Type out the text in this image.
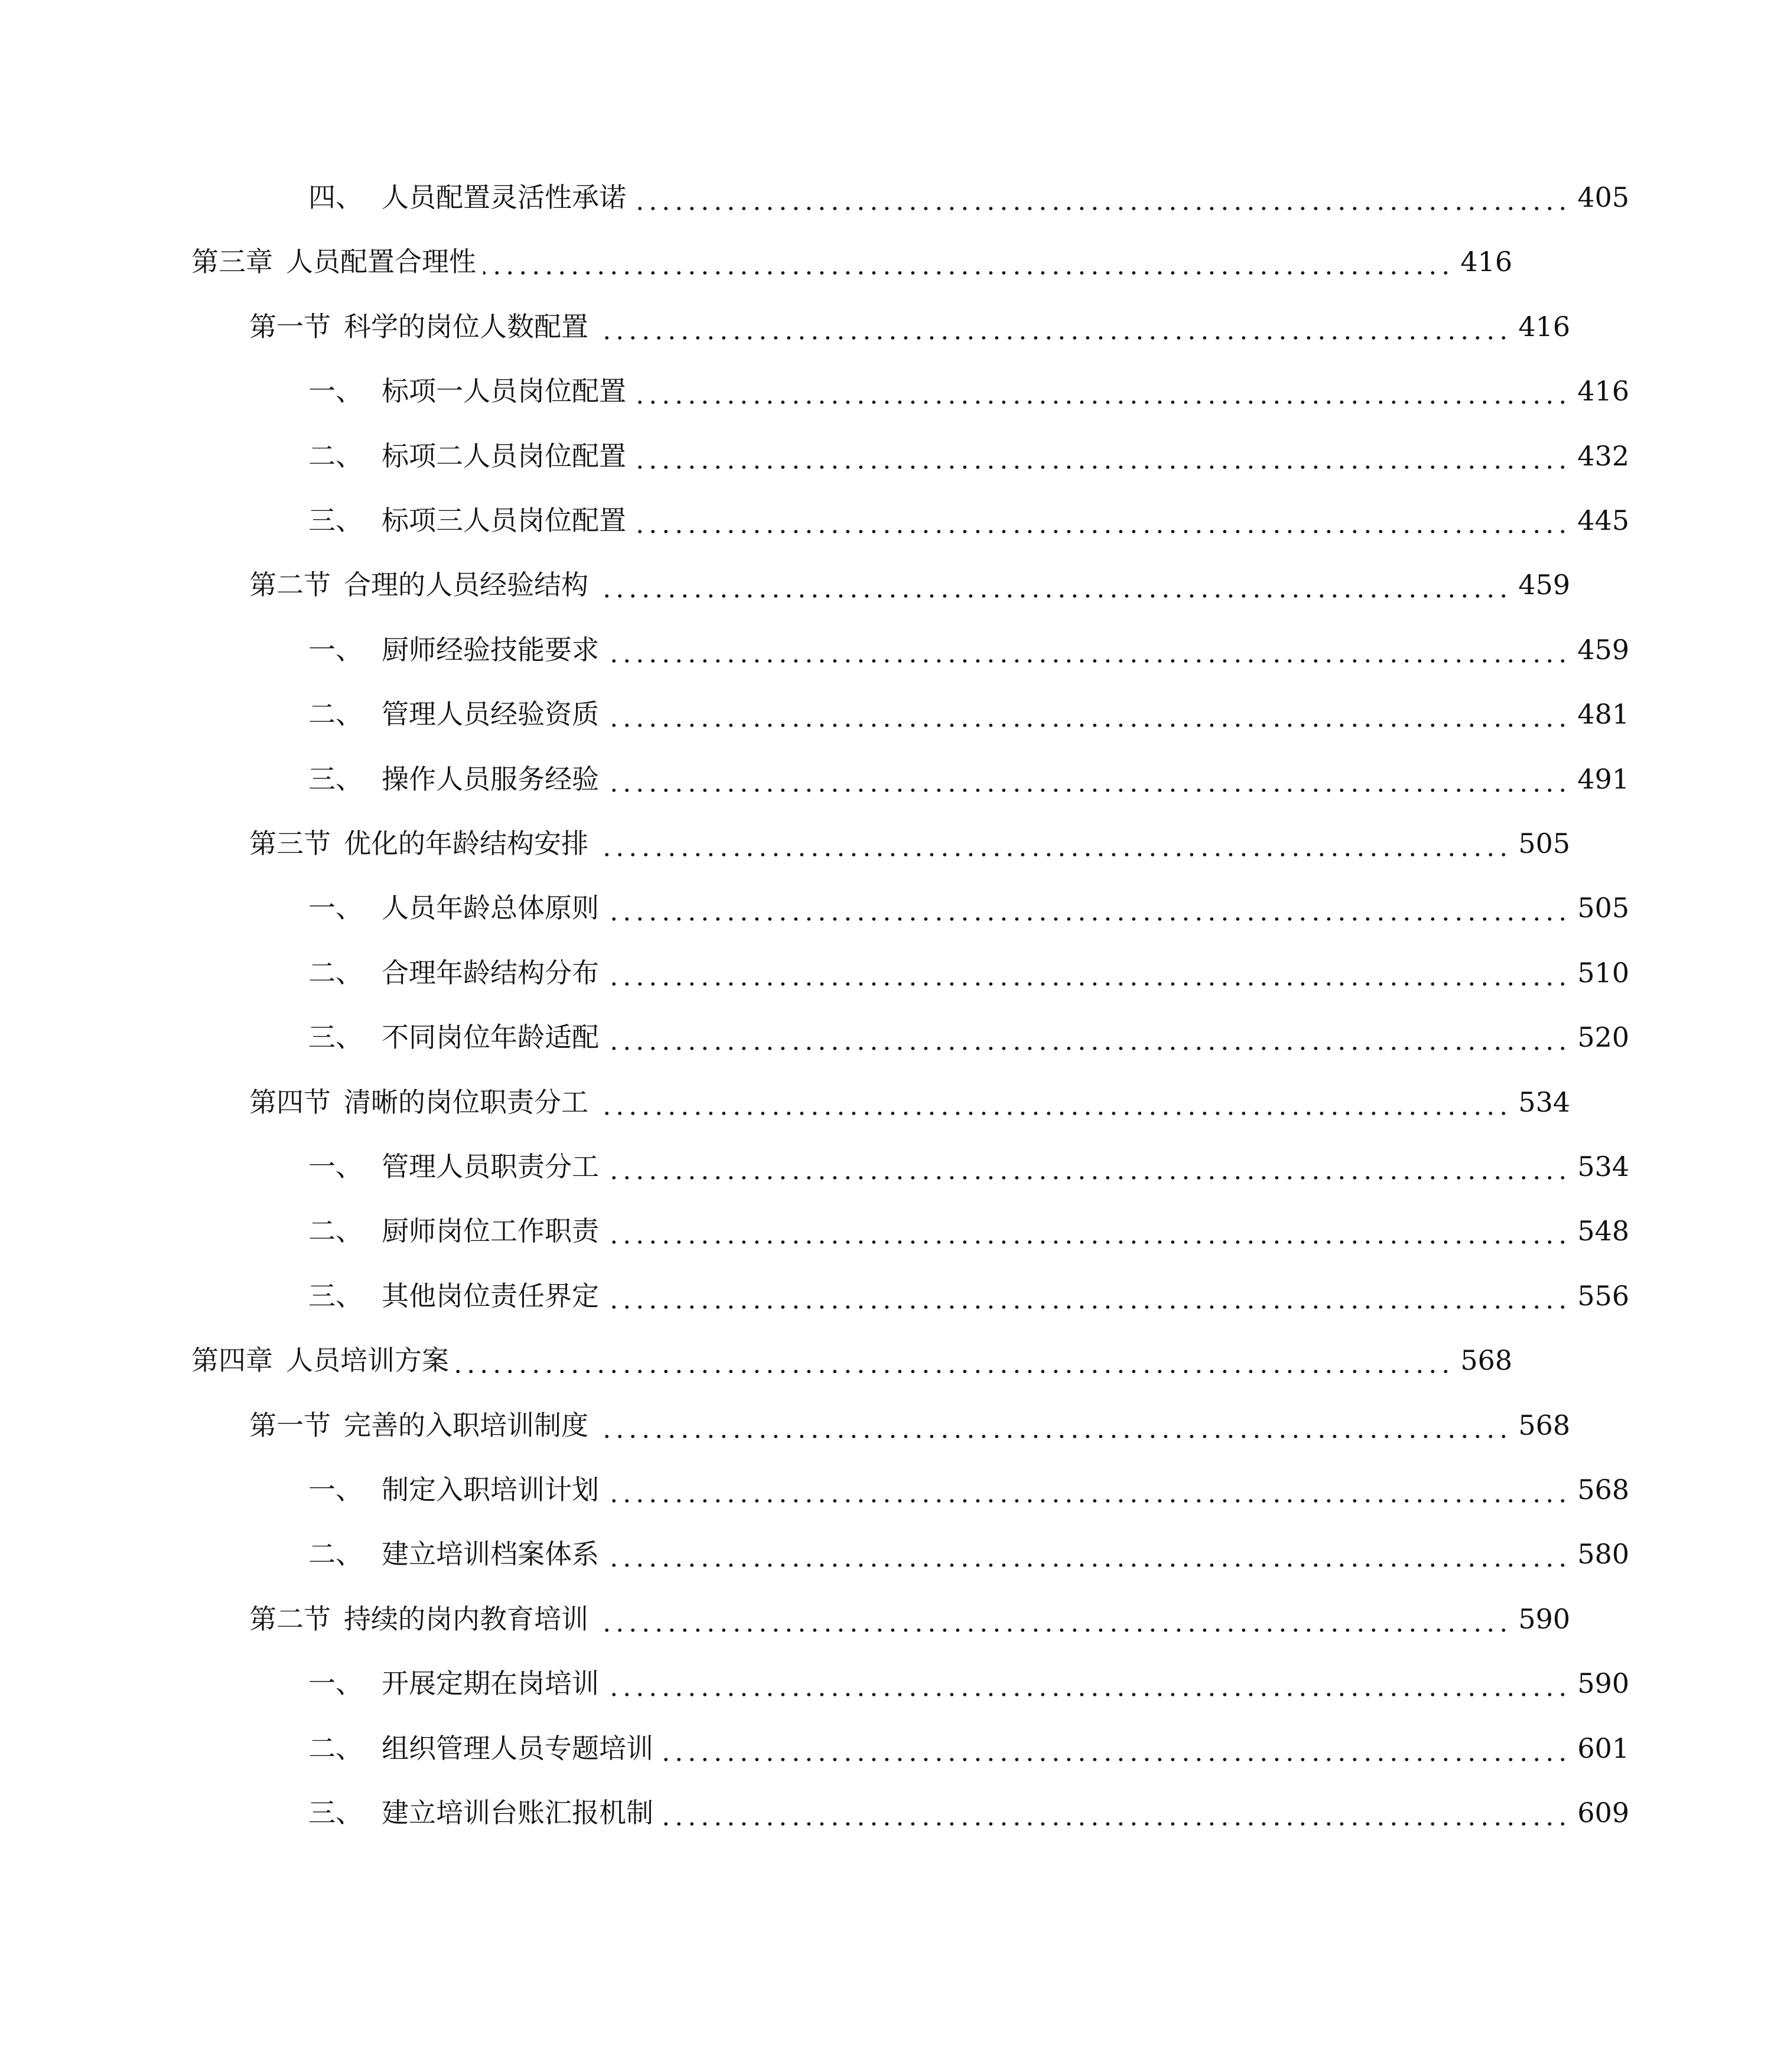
四、 人员配置灵活性承诺	405
第三章 人员配置合理性	416
第一节 科学的岗位人数配置	416
一、 标项一人员岗位配置	416
二、 标项二人员岗位配置	432
三、 标项三人员岗位配置	445
第二节 合理的人员经验结构	459
一、 厨师经验技能要求	459
二、 管理人员经验资质	481
三、 操作人员服务经验	491
第三节 优化的年龄结构安排	505
一、 人员年龄总体原则	505
二、 合理年龄结构分布	510
三、 不同岗位年龄适配	520
第四节 清晰的岗位职责分工	534
一、 管理人员职责分工	534
二、 厨师岗位工作职责	548
三、 其他岗位责任界定	556
第四章 人员培训方案	568
第一节 完善的入职培训制度	568
一、 制定入职培训计划	568
二、 建立培训档案体系	580
第二节 持续的岗内教育培训	590
一、 开展定期在岗培训	590
二、 组织管理人员专题培训	601
三、 建立培训台账汇报机制	609
